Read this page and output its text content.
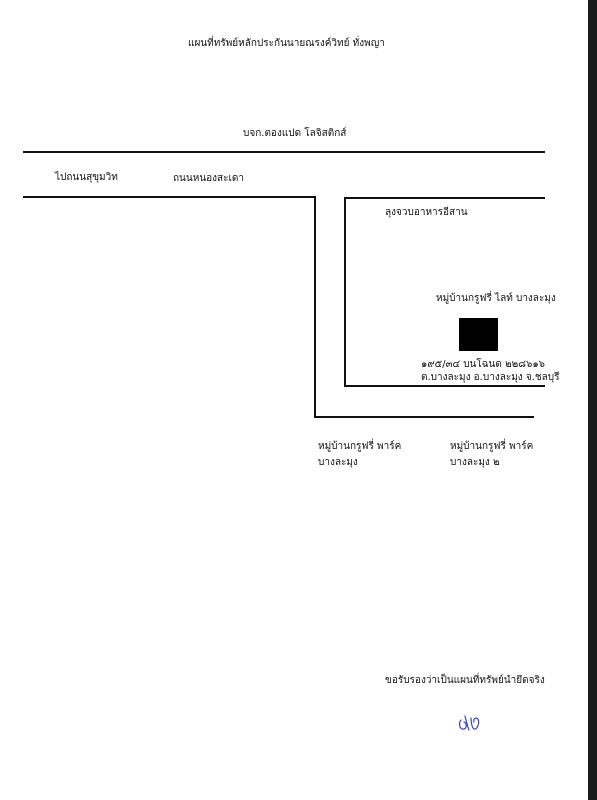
แผนที่ทรัพย์หลักประกันนายณรงค์วิทย์ ทั่งพญา
บจก.ตองแปด โลจิสติกส์
ไปถนนสุขุมวิท	ถนนหนองสะเดา
ลุงจวบอาหารอีสาน
หมู่บ้านกรูฟรี่ ไลท์ บางละมุง
๑๙๕/๓๔ บนโฉนด ๒๒๘๖๑๖
ต.บางละมุง อ.บางละมุง จ.ชลบุรี
หมู่บ้านกรูฟรี่ พาร์ค
บางละมุง
หมู่บ้านกรูฟรี่ พาร์ค
บางละมุง ๒
ขอรับรองว่าเป็นแผนที่ทรัพย์นำยึดจริง
